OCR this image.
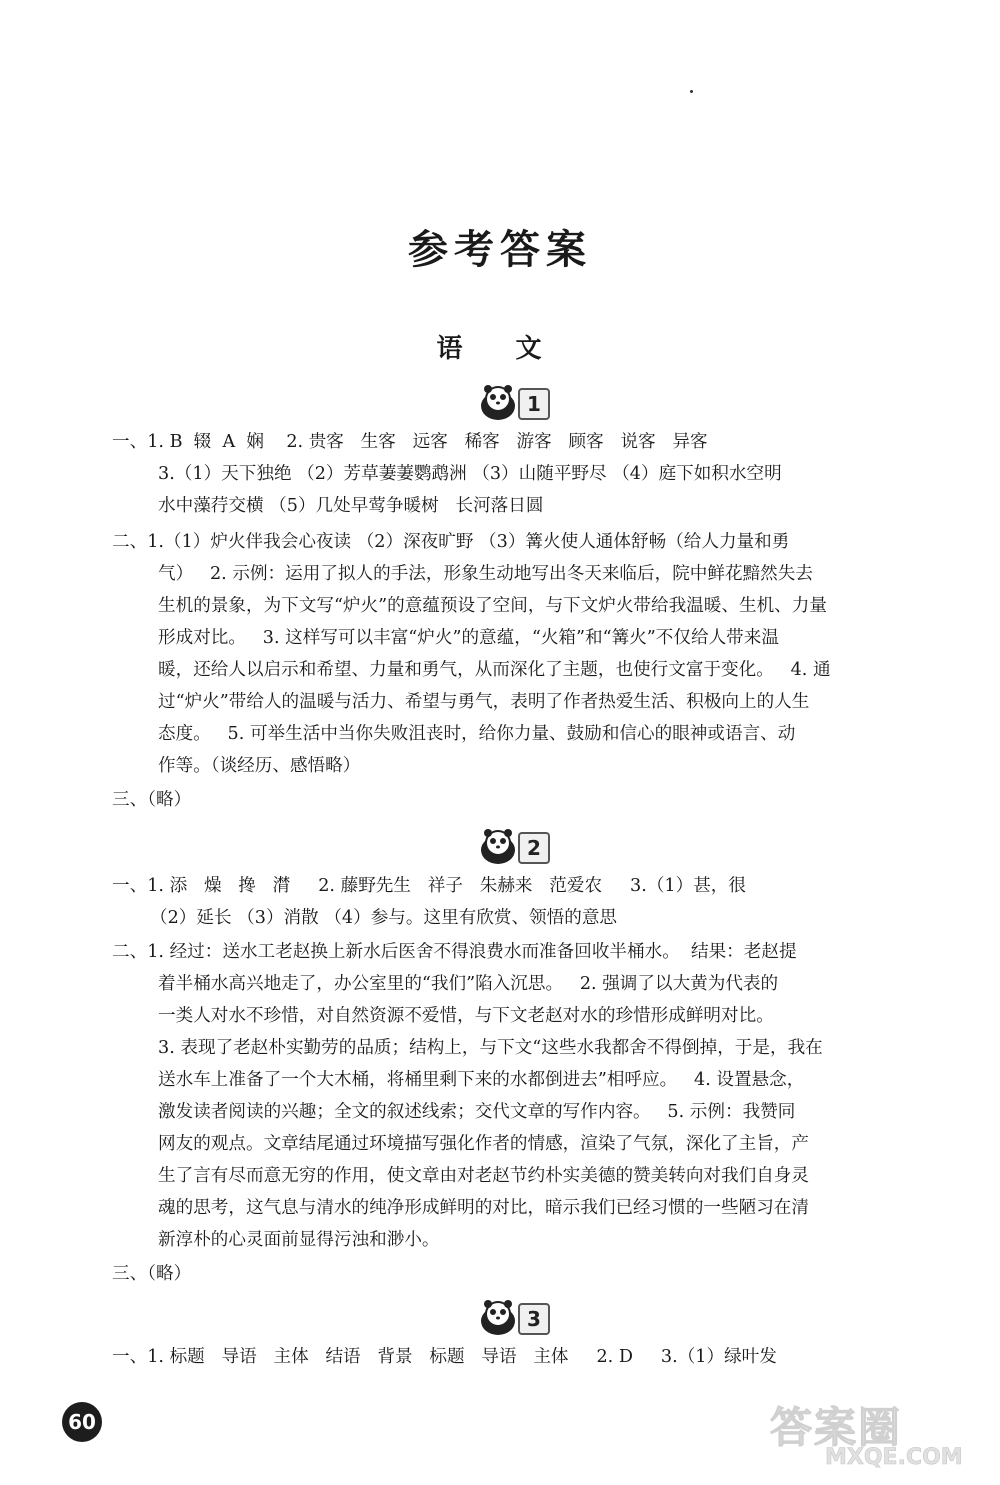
参考答案
语 文
1
一、1. B  辍  A  娴    2. 贵客   生客   远客   稀客   游客   顾客   说客   异客
3.（1）天下独绝 （2）芳草萋萋鹦鹉洲 （3）山随平野尽 （4）庭下如积水空明
水中藻荇交横 （5）几处早莺争暖树   长河落日圆
二、1.（1）炉火伴我会心夜读 （2）深夜旷野 （3）篝火使人通体舒畅（给人力量和勇
气）   2. 示例：运用了拟人的手法，形象生动地写出冬天来临后，院中鲜花黯然失去
生机的景象，为下文写“炉火”的意蕴预设了空间，与下文炉火带给我温暖、生机、力量
形成对比。   3. 这样写可以丰富“炉火”的意蕴，“火箱”和“篝火”不仅给人带来温
暖，还给人以启示和希望、力量和勇气，从而深化了主题，也使行文富于变化。   4. 通
过“炉火”带给人的温暖与活力、希望与勇气，表明了作者热爱生活、积极向上的人生
态度。   5. 可举生活中当你失败沮丧时，给你力量、鼓励和信心的眼神或语言、动
作等。（谈经历、感悟略）
三、（略）
2
一、1. 添   燥   搀   潸     2. 藤野先生   祥子   朱赫来   范爱农     3.（1）甚，很
（2）延长 （3）消散 （4）参与。这里有欣赏、领悟的意思
二、1. 经过：送水工老赵换上新水后医舍不得浪费水而准备回收半桶水。  结果：老赵提
着半桶水高兴地走了，办公室里的“我们”陷入沉思。   2. 强调了以大黄为代表的
一类人对水不珍惜，对自然资源不爱惜，与下文老赵对水的珍惜形成鲜明对比。
3. 表现了老赵朴实勤劳的品质；结构上，与下文“这些水我都舍不得倒掉，于是，我在
送水车上准备了一个大木桶，将桶里剩下来的水都倒进去”相呼应。   4. 设置悬念，
激发读者阅读的兴趣；全文的叙述线索；交代文章的写作内容。   5. 示例：我赞同
网友的观点。文章结尾通过环境描写强化作者的情感，渲染了气氛，深化了主旨，产
生了言有尽而意无穷的作用，使文章由对老赵节约朴实美德的赞美转向对我们自身灵
魂的思考，这气息与清水的纯净形成鲜明的对比，暗示我们已经习惯的一些陋习在清
新淳朴的心灵面前显得污浊和渺小。
三、（略）
3
一、1. 标题   导语   主体   结语   背景   标题   导语   主体     2. D     3.（1）绿叶发
60	答案圈
MXQE.COM
